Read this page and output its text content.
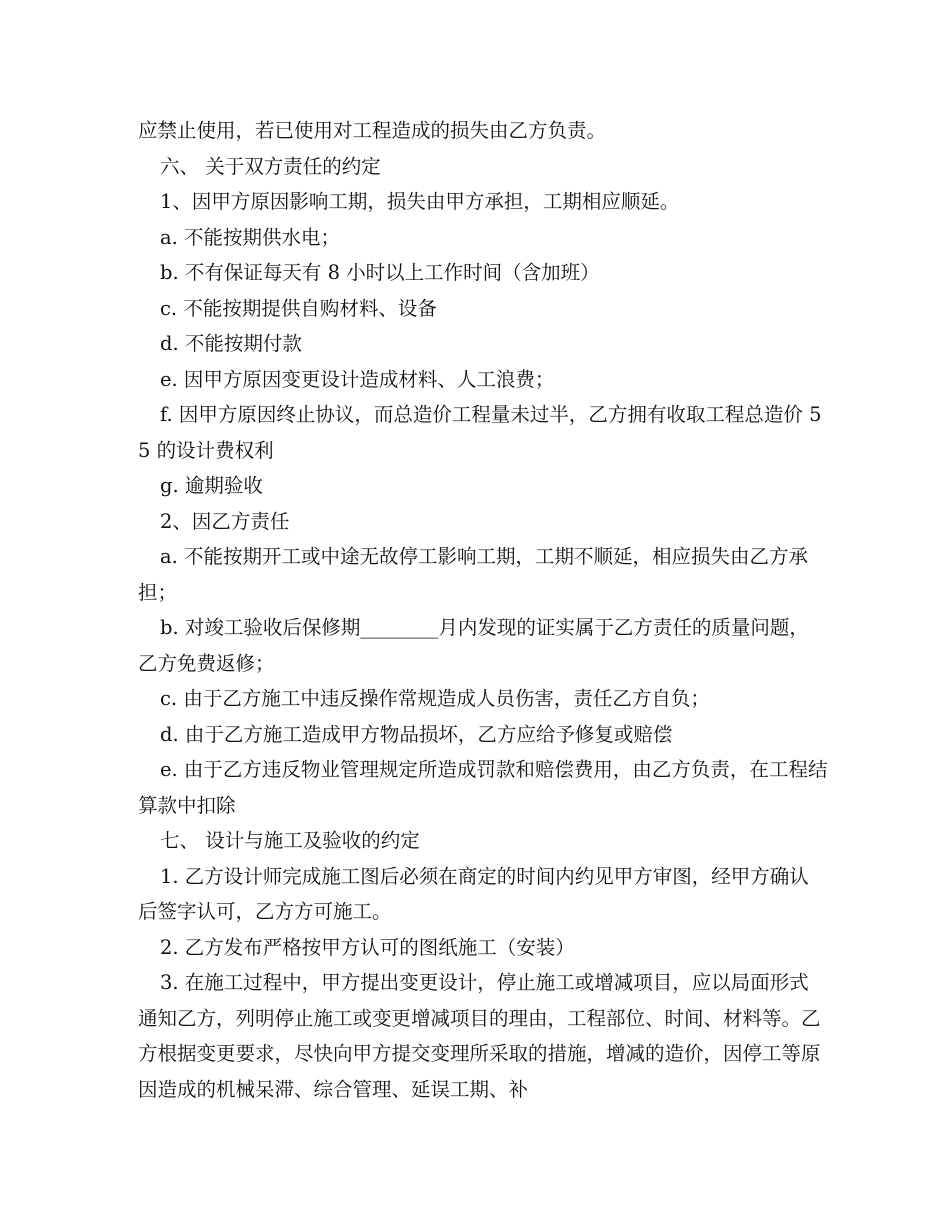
应禁止使用，若已使用对工程造成的损失由乙方负责。

六、 关于双方责任的约定

1、因甲方原因影响工期，损失由甲方承担，工期相应顺延。

a. 不能按期供水电；

b. 不有保证每天有 8 小时以上工作时间（含加班）

c. 不能按期提供自购材料、设备

d. 不能按期付款

e. 因甲方原因变更设计造成材料、人工浪费；

f. 因甲方原因终止协议，而总造价工程量未过半，乙方拥有收取工程总造价 55 的设计费权利

g. 逾期验收

2、因乙方责任

a. 不能按期开工或中途无故停工影响工期，工期不顺延，相应损失由乙方承担；

b. 对竣工验收后保修期________月内发现的证实属于乙方责任的质量问题，乙方免费返修；

c. 由于乙方施工中违反操作常规造成人员伤害，责任乙方自负；

d. 由于乙方施工造成甲方物品损坏，乙方应给予修复或赔偿

e. 由于乙方违反物业管理规定所造成罚款和赔偿费用，由乙方负责，在工程结算款中扣除

七、 设计与施工及验收的约定

1. 乙方设计师完成施工图后必须在商定的时间内约见甲方审图，经甲方确认后签字认可，乙方方可施工。

2. 乙方发布严格按甲方认可的图纸施工（安装）

3. 在施工过程中，甲方提出变更设计，停止施工或增减项目，应以局面形式通知乙方，列明停止施工或变更增减项目的理由，工程部位、时间、材料等。乙方根据变更要求，尽快向甲方提交变理所采取的措施，增减的造价，因停工等原因造成的机械呆滞、综合管理、延误工期、补
